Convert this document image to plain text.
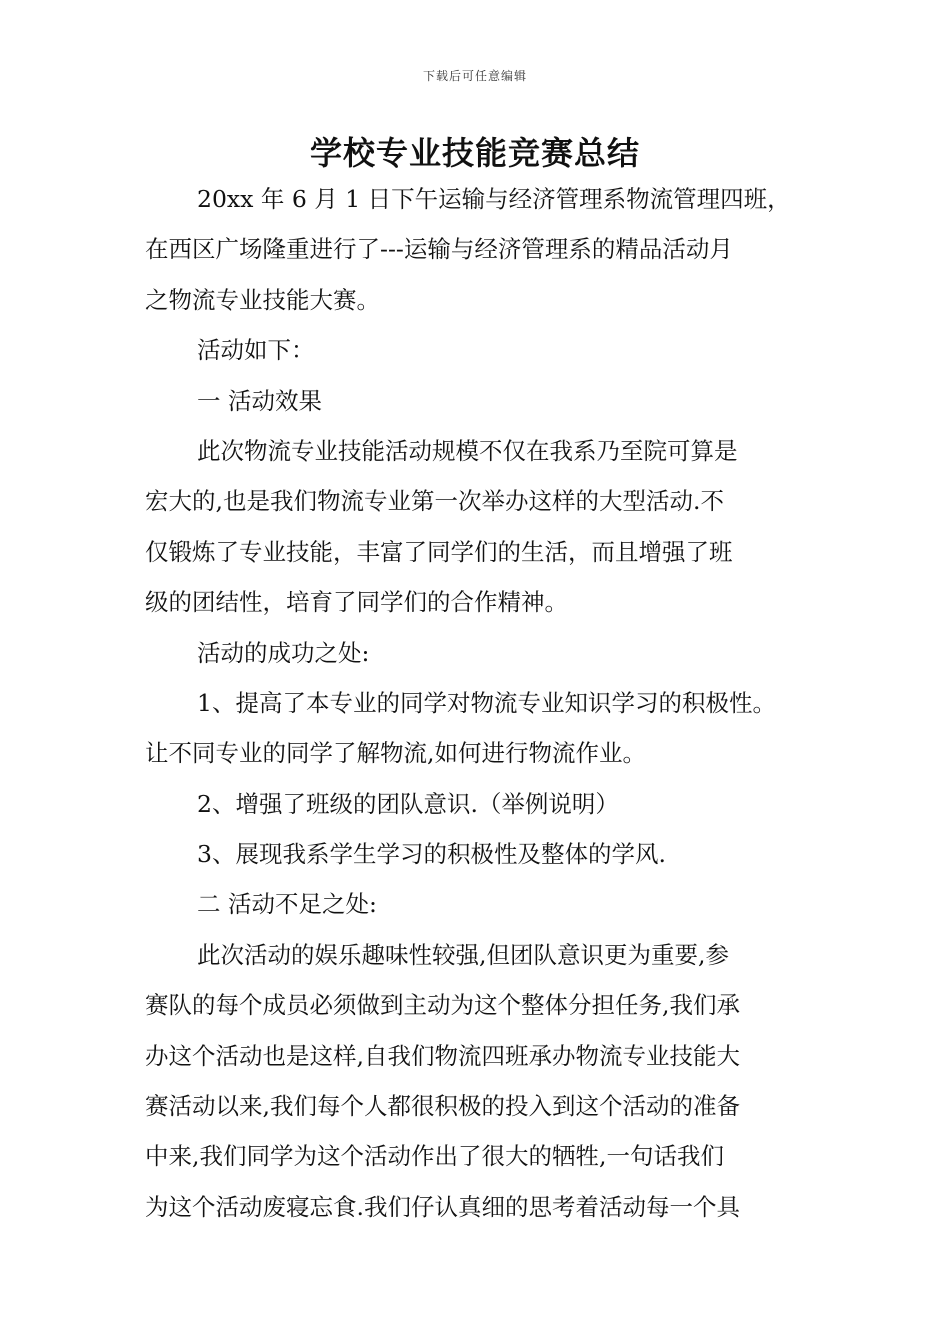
下载后可任意编辑
学校专业技能竞赛总结
20xx 年 6 月 1 日下午运输与经济管理系物流管理四班，
在西区广场隆重进行了---运输与经济管理系的精品活动月
之物流专业技能大赛。
活动如下：
一 活动效果
此次物流专业技能活动规模不仅在我系乃至院可算是
宏大的,也是我们物流专业第一次举办这样的大型活动.不
仅锻炼了专业技能，丰富了同学们的生活，而且增强了班
级的团结性，培育了同学们的合作精神。
活动的成功之处:
1、提高了本专业的同学对物流专业知识学习的积极性。
让不同专业的同学了解物流,如何进行物流作业。
2、增强了班级的团队意识.（举例说明）
3、展现我系学生学习的积极性及整体的学风.
二 活动不足之处:
此次活动的娱乐趣味性较强,但团队意识更为重要,参
赛队的每个成员必须做到主动为这个整体分担任务,我们承
办这个活动也是这样,自我们物流四班承办物流专业技能大
赛活动以来,我们每个人都很积极的投入到这个活动的准备
中来,我们同学为这个活动作出了很大的牺牲,一句话我们
为这个活动废寝忘食.我们仔认真细的思考着活动每一个具
